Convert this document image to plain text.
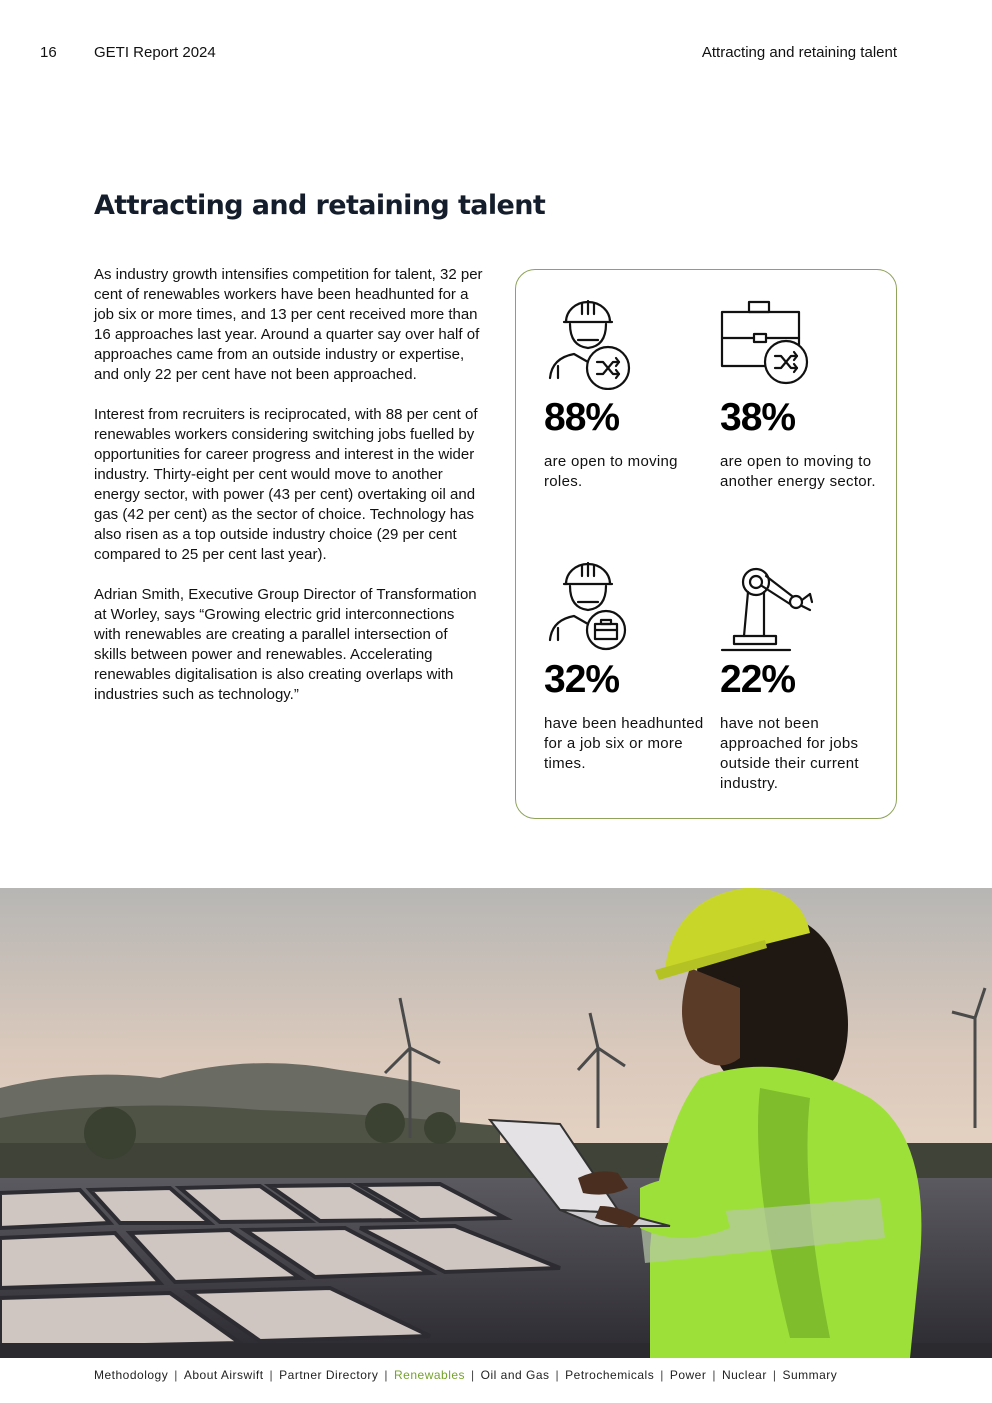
16 GETI Report 2024	Attracting and retaining talent
Attracting and retaining talent

As industry growth intensifies competition for talent, 32 per cent of renewables workers have been headhunted for a job six or more times, and 13 per cent received more than 16 approaches last year. Around a quarter say over half of approaches came from an outside industry or expertise, and only 22 per cent have not been approached.

Interest from recruiters is reciprocated, with 88 per cent of renewables workers considering switching jobs fuelled by opportunities for career progress and interest in the wider industry. Thirty-eight per cent would move to another energy sector, with power (43 per cent) overtaking oil and gas (42 per cent) as the sector of choice. Technology has also risen as a top outside industry choice (29 per cent compared to 25 per cent last year).

Adrian Smith, Executive Group Director of Transformation at Worley, says “Growing electric grid interconnections with renewables are creating a parallel intersection of skills between power and renewables. Accelerating renewables digitalisation is also creating overlaps with industries such as technology.”

88%
are open to moving roles.
38%
are open to moving to another energy sector.
32%
have been headhunted for a job six or more times.
22%
have not been approached for jobs outside their current industry.
Methodology | About Airswift | Partner Directory | Renewables | Oil and Gas | Petrochemicals | Power | Nuclear | Summary
